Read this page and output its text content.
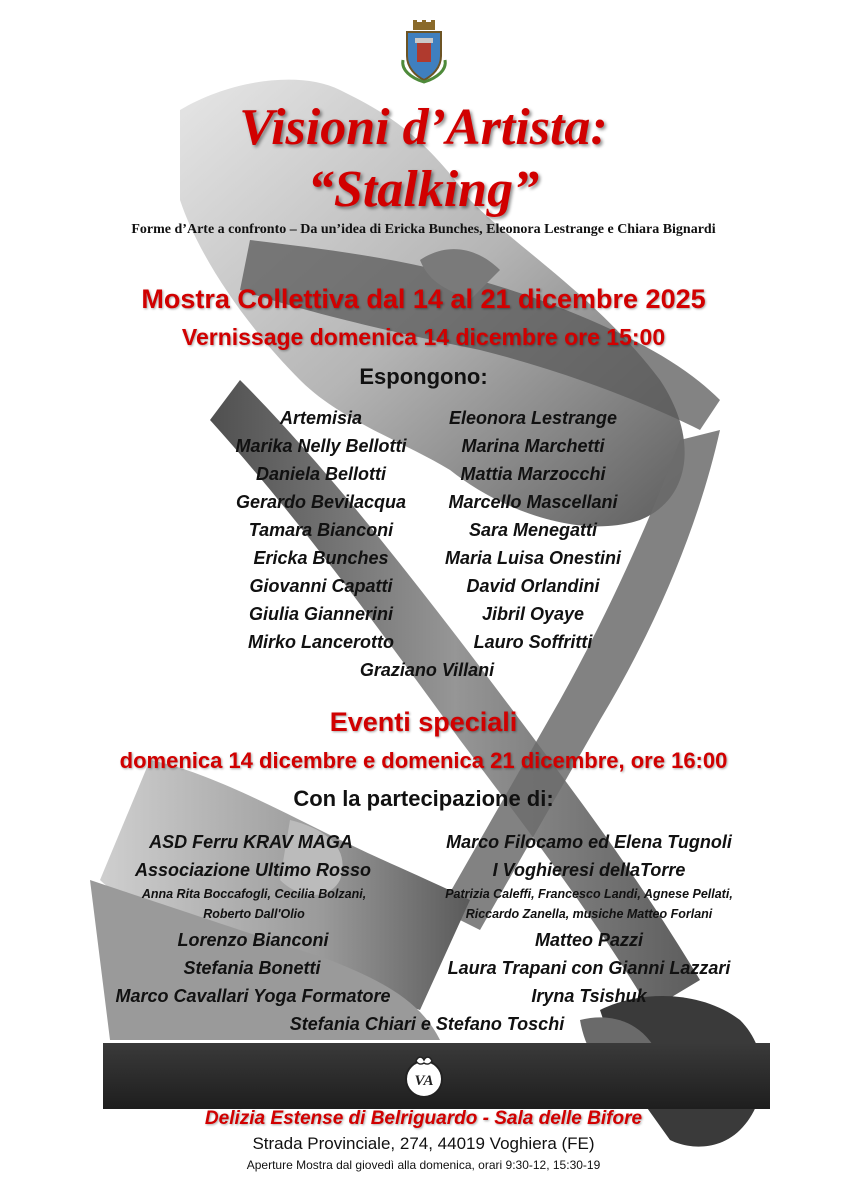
Visioni d’Artista:
“Stalking”
Forme d’Arte a confronto – Da un’idea di Ericka Bunches, Eleonora Lestrange e Chiara Bignardi
Mostra Collettiva dal 14 al 21 dicembre 2025
Vernissage domenica 14 dicembre ore 15:00
Espongono:
Artemisia
Marika Nelly Bellotti
Daniela Bellotti
Gerardo Bevilacqua
Tamara Bianconi
Ericka Bunches
Giovanni Capatti
Giulia Giannerini
Mirko Lancerotto
Eleonora Lestrange
Marina Marchetti
Mattia Marzocchi
Marcello Mascellani
Sara Menegatti
Maria Luisa Onestini
David Orlandini
Jibril Oyaye
Lauro Soffritti
Graziano Villani
Eventi speciali
domenica 14 dicembre e domenica 21 dicembre, ore 16:00
Con la partecipazione di:
ASD Ferru KRAV MAGA
Associazione Ultimo Rosso
Anna Rita Boccafogli, Cecilia Bolzani,
Roberto Dall'Olio
Lorenzo Bianconi
Stefania Bonetti
Marco Cavallari Yoga Formatore
Marco Filocamo ed Elena Tugnoli
I Voghieresi dellaTorre
Patrizia Caleffi, Francesco Landi, Agnese Pellati,
Riccardo Zanella, musiche Matteo Forlani
Matteo Pazzi
Laura Trapani con Gianni Lazzari
Iryna Tsishuk
Stefania Chiari e Stefano Toschi
VA
Delizia Estense di Belriguardo - Sala delle Bifore
Strada Provinciale, 274, 44019 Voghiera (FE)
Aperture Mostra dal giovedì alla domenica, orari 9:30-12, 15:30-19
